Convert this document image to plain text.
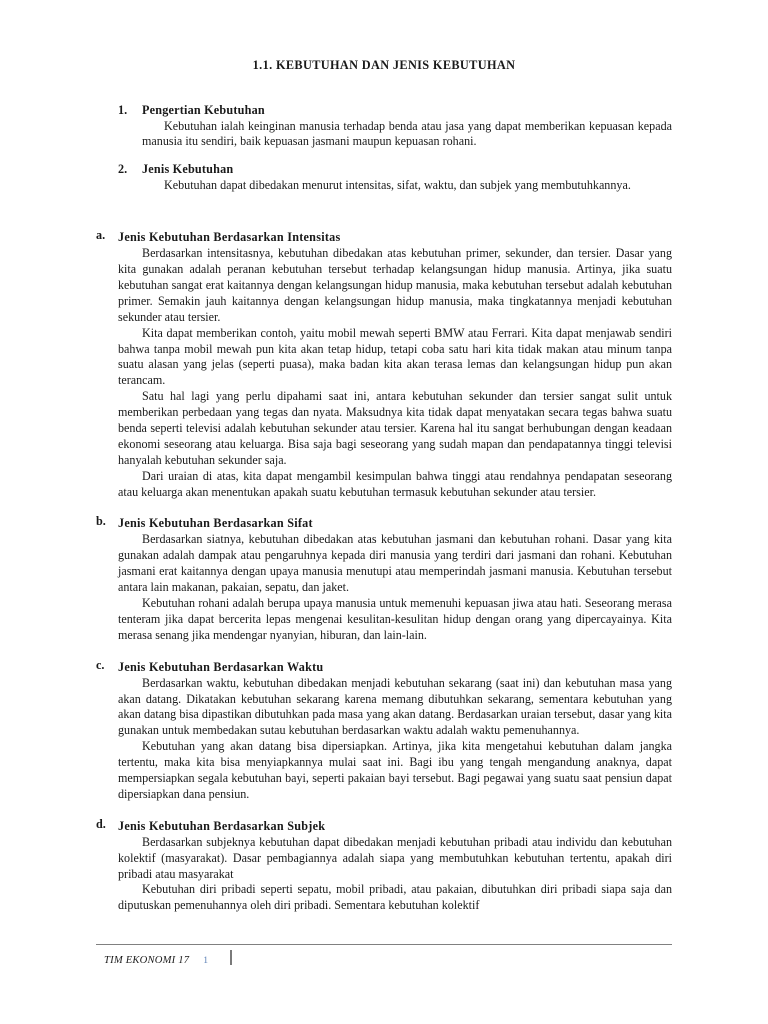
1.1. KEBUTUHAN DAN JENIS KEBUTUHAN
1. Pengertian Kebutuhan

Kebutuhan ialah keinginan manusia terhadap benda atau jasa yang dapat memberikan kepuasan kepada manusia itu sendiri, baik kepuasan jasmani maupun kepuasan rohani.

2. Jenis Kebutuhan

Kebutuhan dapat dibedakan menurut intensitas, sifat, waktu, dan subjek yang membutuhkannya.

a. Jenis Kebutuhan Berdasarkan Intensitas

Berdasarkan intensitasnya, kebutuhan dibedakan atas kebutuhan primer, sekunder, dan tersier. Dasar yang kita gunakan adalah peranan kebutuhan tersebut terhadap kelangsungan hidup manusia. Artinya, jika suatu kebutuhan sangat erat kaitannya dengan kelangsungan hidup manusia, maka kebutuhan tersebut adalah kebutuhan primer. Semakin jauh kaitannya dengan kelangsungan hidup manusia, maka tingkatannya menjadi kebutuhan sekunder atau tersier.

Kita dapat memberikan contoh, yaitu mobil mewah seperti BMW atau Ferrari. Kita dapat menjawab sendiri bahwa tanpa mobil mewah pun kita akan tetap hidup, tetapi coba satu hari kita tidak makan atau minum tanpa suatu alasan yang jelas (seperti puasa), maka badan kita akan terasa lemas dan kelangsungan hidup pun akan terancam.

Satu hal lagi yang perlu dipahami saat ini, antara kebutuhan sekunder dan tersier sangat sulit untuk memberikan perbedaan yang tegas dan nyata. Maksudnya kita tidak dapat menyatakan secara tegas bahwa suatu benda seperti televisi adalah kebutuhan sekunder atau tersier. Karena hal itu sangat berhubungan dengan keadaan ekonomi seseorang atau keluarga. Bisa saja bagi seseorang yang sudah mapan dan pendapatannya tinggi televisi hanyalah kebutuhan sekunder saja.

Dari uraian di atas, kita dapat mengambil kesimpulan bahwa tinggi atau rendahnya pendapatan seseorang atau keluarga akan menentukan apakah suatu kebutuhan termasuk kebutuhan sekunder atau tersier.

b. Jenis Kebutuhan Berdasarkan Sifat

Berdasarkan siatnya, kebutuhan dibedakan atas kebutuhan jasmani dan kebutuhan rohani. Dasar yang kita gunakan adalah dampak atau pengaruhnya kepada diri manusia yang terdiri dari jasmani dan rohani. Kebutuhan jasmani erat kaitannya dengan upaya manusia menutupi atau memperindah jasmani manusia. Kebutuhan tersebut antara lain makanan, pakaian, sepatu, dan jaket.

Kebutuhan rohani adalah berupa upaya manusia untuk memenuhi kepuasan jiwa atau hati. Seseorang merasa tenteram jika dapat bercerita lepas mengenai kesulitan-kesulitan hidup dengan orang yang dipercayainya. Kita merasa senang jika mendengar nyanyian, hiburan, dan lain-lain.

c. Jenis Kebutuhan Berdasarkan Waktu

Berdasarkan waktu, kebutuhan dibedakan menjadi kebutuhan sekarang (saat ini) dan kebutuhan masa yang akan datang. Dikatakan kebutuhan sekarang karena memang dibutuhkan sekarang, sementara kebutuhan yang akan datang bisa dipastikan dibutuhkan pada masa yang akan datang. Berdasarkan uraian tersebut, dasar yang kita gunakan untuk membedakan sutau kebutuhan berdasarkan waktu adalah waktu pemenuhannya.

Kebutuhan yang akan datang bisa dipersiapkan. Artinya, jika kita mengetahui kebutuhan dalam jangka tertentu, maka kita bisa menyiapkannya mulai saat ini. Bagi ibu yang tengah mengandung anaknya, dapat mempersiapkan segala kebutuhan bayi, seperti pakaian bayi tersebut. Bagi pegawai yang suatu saat pensiun dapat dipersiapkan dana pensiun.

d. Jenis Kebutuhan Berdasarkan Subjek

Berdasarkan subjeknya kebutuhan dapat dibedakan menjadi kebutuhan pribadi atau individu dan kebutuhan kolektif (masyarakat). Dasar pembagiannya adalah siapa yang membutuhkan kebutuhan tertentu, apakah diri pribadi atau masyarakat

Kebutuhan diri pribadi seperti sepatu, mobil pribadi, atau pakaian, dibutuhkan diri pribadi siapa saja dan diputuskan pemenuhannya oleh diri pribadi. Sementara kebutuhan kolektif

TIM EKONOMI 17 1
